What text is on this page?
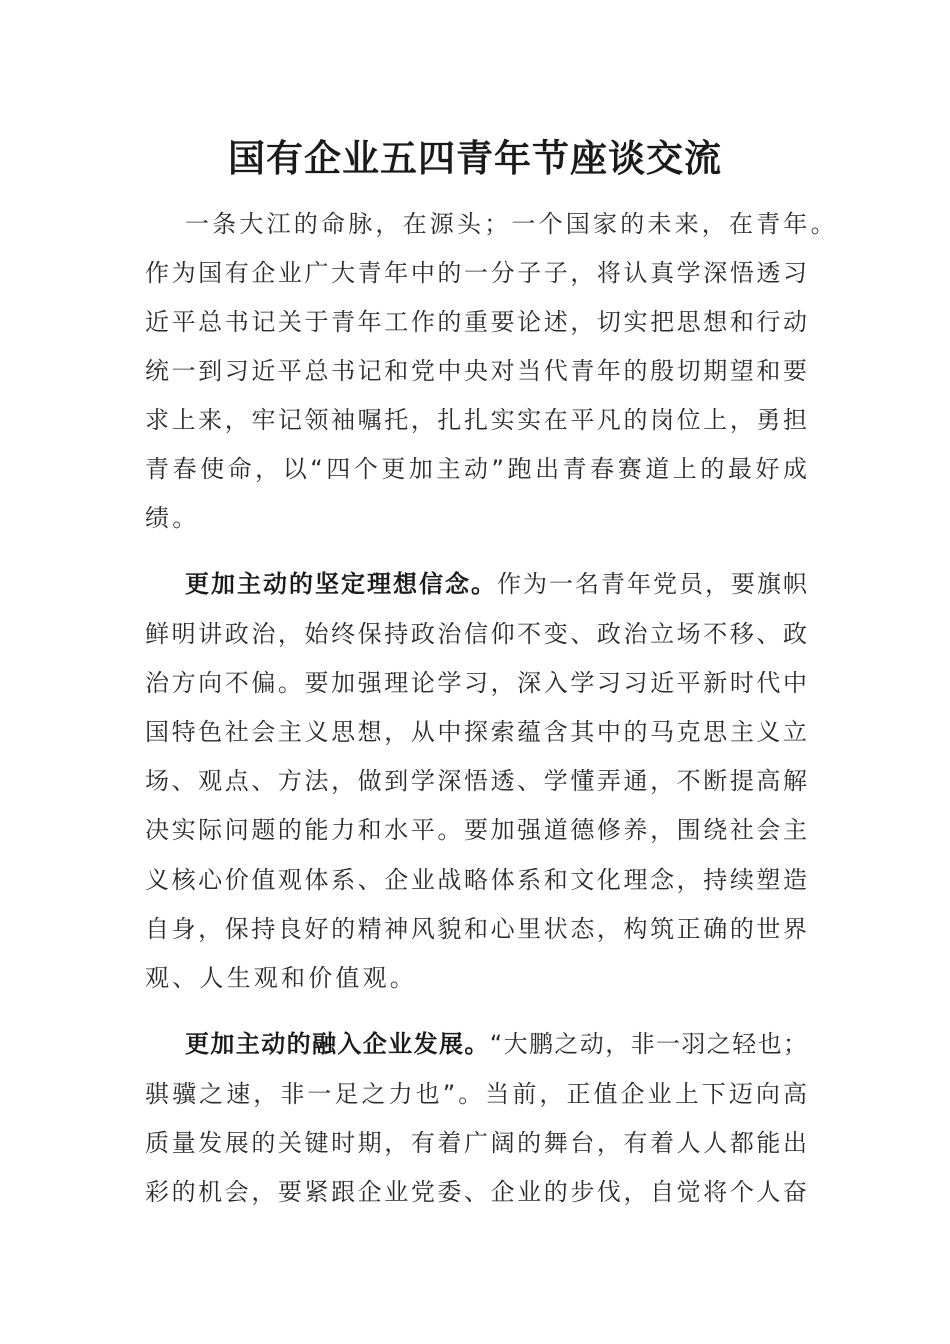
国有企业五四青年节座谈交流
一条大江的命脉，在源头；一个国家的未来，在青年。
作为国有企业广大青年中的一分子子，将认真学深悟透习
近平总书记关于青年工作的重要论述，切实把思想和行动
统一到习近平总书记和党中央对当代青年的殷切期望和要
求上来，牢记领袖嘱托，扎扎实实在平凡的岗位上，勇担
青春使命，以“四个更加主动”跑出青春赛道上的最好成
绩。
更加主动的坚定理想信念。作为一名青年党员，要旗帜
鲜明讲政治，始终保持政治信仰不变、政治立场不移、政
治方向不偏。要加强理论学习，深入学习习近平新时代中
国特色社会主义思想，从中探索蕴含其中的马克思主义立
场、观点、方法，做到学深悟透、学懂弄通，不断提高解
决实际问题的能力和水平。要加强道德修养，围绕社会主
义核心价值观体系、企业战略体系和文化理念，持续塑造
自身，保持良好的精神风貌和心里状态，构筑正确的世界
观、人生观和价值观。
更加主动的融入企业发展。“大鹏之动，非一羽之轻也；
骐骥之速，非一足之力也”。当前，正值企业上下迈向高
质量发展的关键时期，有着广阔的舞台，有着人人都能出
彩的机会，要紧跟企业党委、企业的步伐，自觉将个人奋
